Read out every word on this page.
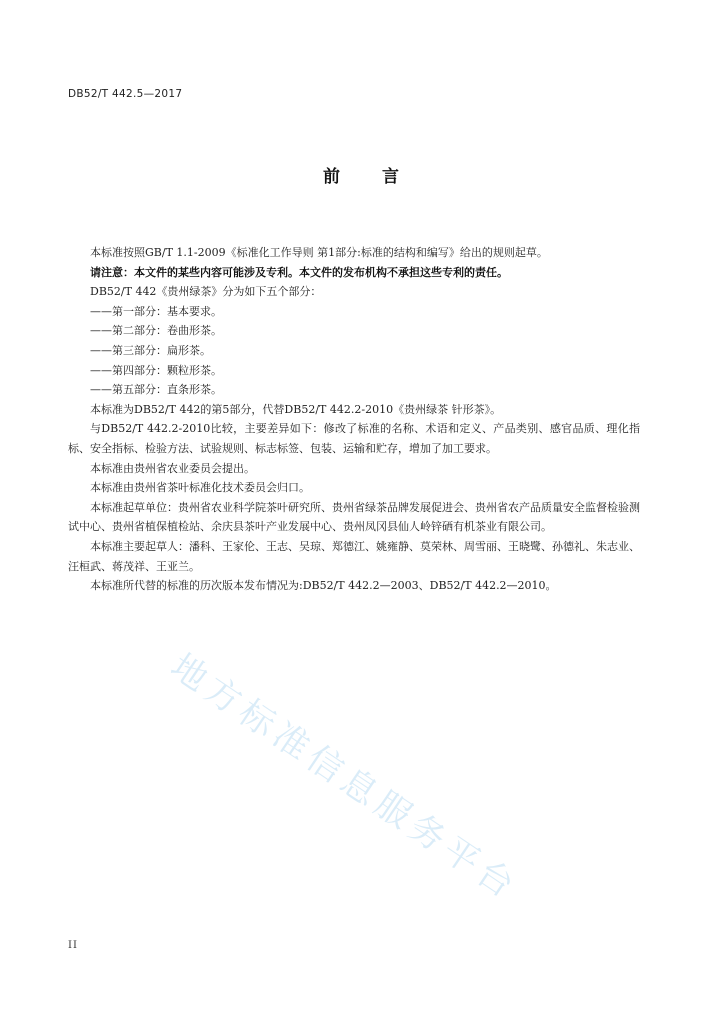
DB52/T 442.5—2017
前 言

本标准按照GB/T 1.1-2009《标准化工作导则 第1部分:标准的结构和编写》给出的规则起草。

请注意：本文件的某些内容可能涉及专利。本文件的发布机构不承担这些专利的责任。

DB52/T 442《贵州绿茶》分为如下五个部分：

——第一部分：基本要求。

——第二部分：卷曲形茶。

——第三部分：扁形茶。

——第四部分：颗粒形茶。

——第五部分：直条形茶。

本标准为DB52/T 442的第5部分，代替DB52/T 442.2-2010《贵州绿茶 针形茶》。

与DB52/T 442.2-2010比较，主要差异如下：修改了标准的名称、术语和定义、产品类别、感官品质、理化指标、安全指标、检验方法、试验规则、标志标签、包装、运输和贮存，增加了加工要求。

本标准由贵州省农业委员会提出。

本标准由贵州省茶叶标准化技术委员会归口。

本标准起草单位：贵州省农业科学院茶叶研究所、贵州省绿茶品牌发展促进会、贵州省农产品质量安全监督检验测试中心、贵州省植保植检站、余庆县茶叶产业发展中心、贵州凤冈县仙人岭锌硒有机茶业有限公司。

本标准主要起草人：潘科、王家伦、王志、吴琼、郑德江、姚雍静、莫荣林、周雪丽、王晓鹭、孙德礼、朱志业、汪桓武、蒋茂祥、王亚兰。

本标准所代替的标准的历次版本发布情况为:DB52/T 442.2—2003、DB52/T 442.2—2010。

地方标准信息服务平台
II
